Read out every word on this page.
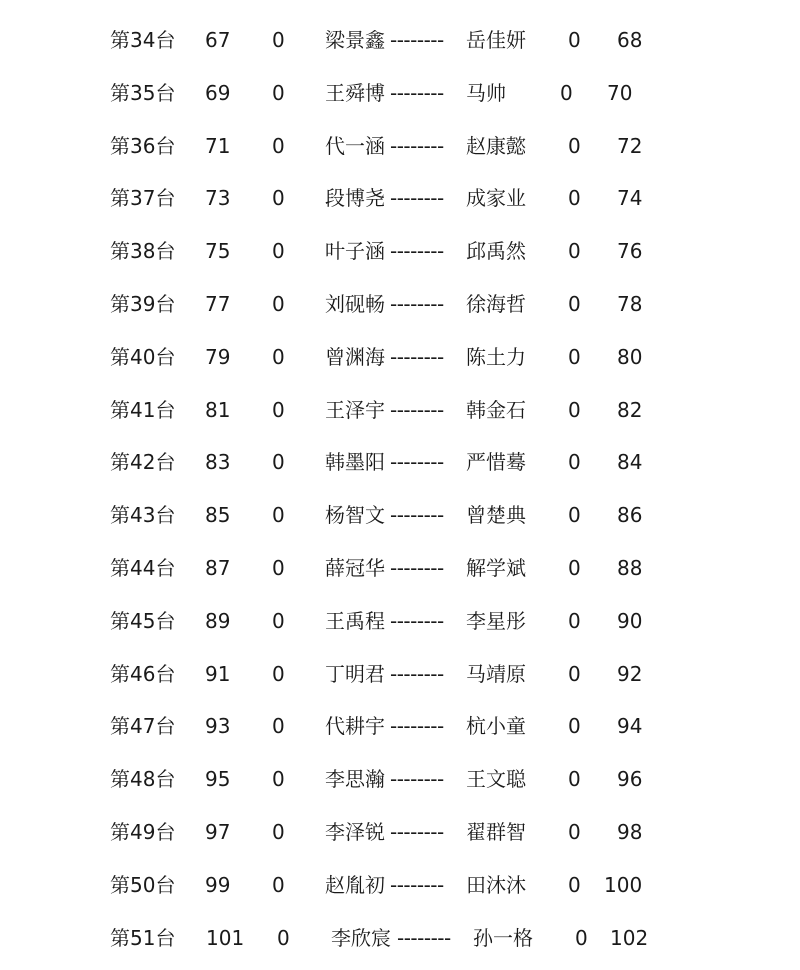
第34台 67 0 梁景鑫 -------- 岳佳妍 0 68
第35台 69 0 王舜博 -------- 马帅	0 70
第36台 71 0 代一涵 -------- 赵康懿 0 72
第37台 73 0 段博尧 -------- 成家业 0 74
第38台 75 0 叶子涵 -------- 邱禹然 0 76
第39台 77 0 刘砚畅 -------- 徐海哲 0 78
第40台 79 0 曾渊海 -------- 陈土力 0 80
第41台 81 0 王泽宇 -------- 韩金石 0 82
第42台 83 0 韩墨阳 -------- 严惜蓦 0 84
第43台 85 0 杨智文 -------- 曾楚典 0 86
第44台 87 0 薛冠华 -------- 解学斌 0 88
第45台 89 0 王禹程 -------- 李星彤 0 90
第46台 91 0 丁明君 -------- 马靖原 0 92
第47台 93 0 代耕宇 -------- 杭小童 0 94
第48台 95 0 李思瀚 -------- 王文聪 0 96
第49台 97 0 李泽锐 -------- 翟群智 0 98
第50台 99 0 赵胤初 -------- 田沐沐 0 100
第51台 101 0 李欣宸 -------- 孙一格 0 102
